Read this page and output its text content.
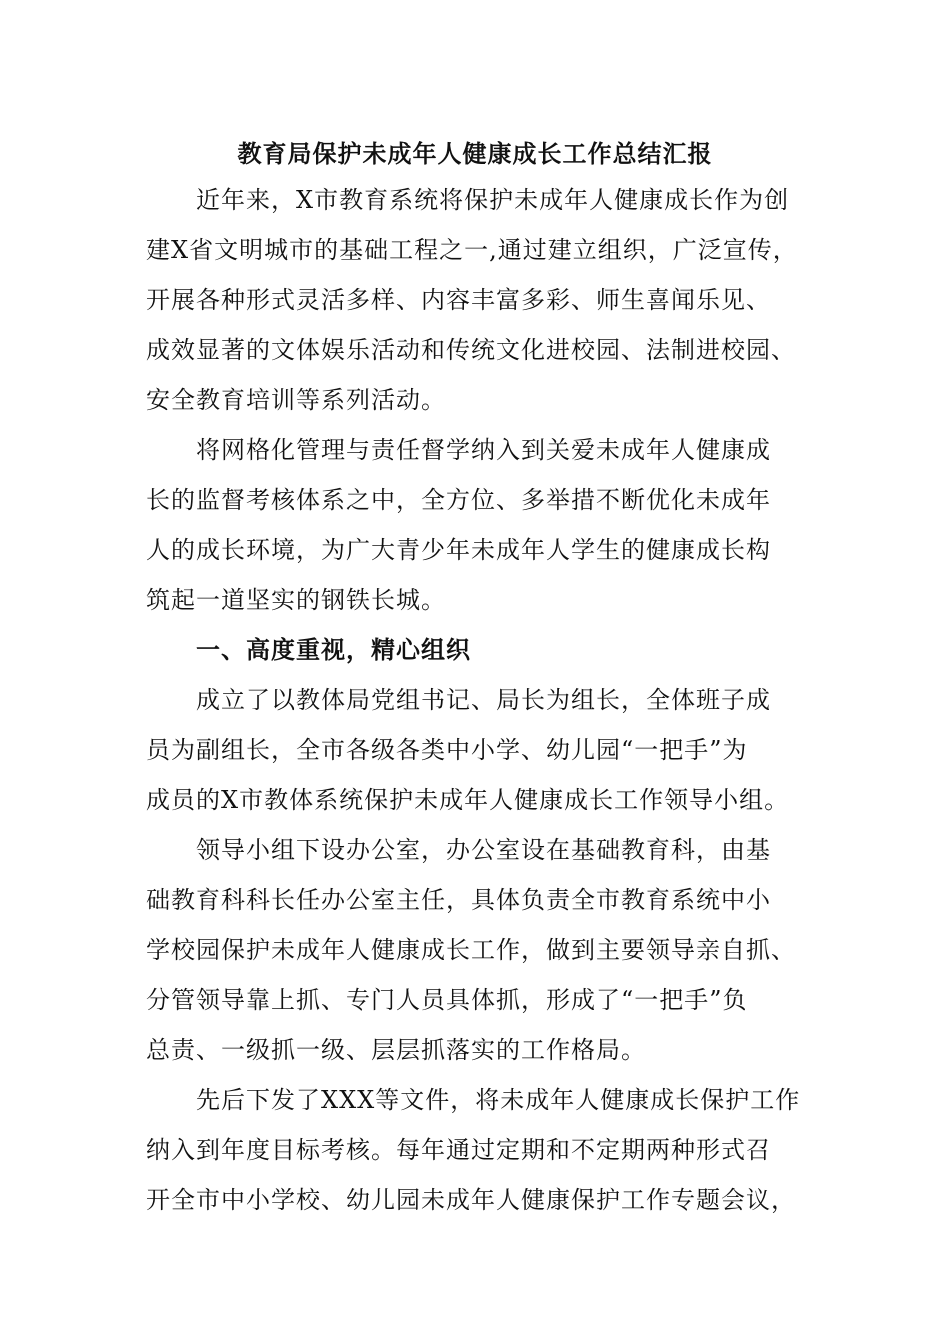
教育局保护未成年人健康成长工作总结汇报
近年来，X市教育系统将保护未成年人健康成长作为创
建X省文明城市的基础工程之一,通过建立组织，广泛宣传，
开展各种形式灵活多样、内容丰富多彩、师生喜闻乐见、
成效显著的文体娱乐活动和传统文化进校园、法制进校园、
安全教育培训等系列活动。
将网格化管理与责任督学纳入到关爱未成年人健康成
长的监督考核体系之中，全方位、多举措不断优化未成年
人的成长环境，为广大青少年未成年人学生的健康成长构
筑起一道坚实的钢铁长城。
一、高度重视，精心组织
成立了以教体局党组书记、局长为组长，全体班子成
员为副组长，全市各级各类中小学、幼儿园“一把手”为
成员的X市教体系统保护未成年人健康成长工作领导小组。
领导小组下设办公室，办公室设在基础教育科，由基
础教育科科长任办公室主任，具体负责全市教育系统中小
学校园保护未成年人健康成长工作，做到主要领导亲自抓、
分管领导靠上抓、专门人员具体抓，形成了“一把手”负
总责、一级抓一级、层层抓落实的工作格局。
先后下发了XXX等文件，将未成年人健康成长保护工作
纳入到年度目标考核。每年通过定期和不定期两种形式召
开全市中小学校、幼儿园未成年人健康保护工作专题会议，
